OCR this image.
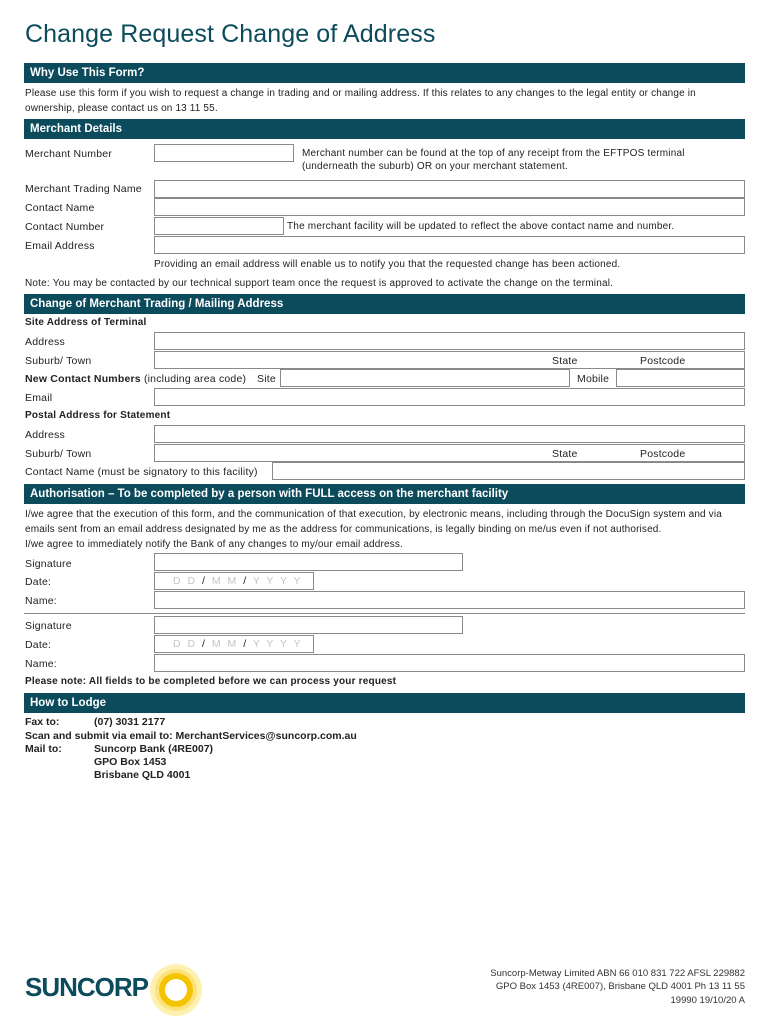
Change Request Change of Address
Why Use This Form?
Please use this form if you wish to request a change in trading and or mailing address. If this relates to any changes to the legal entity or change in ownership, please contact us on 13 11 55.
Merchant Details
Merchant Number	Merchant number can be found at the top of any receipt from the EFTPOS terminal
(underneath the suburb) OR on your merchant statement.
Merchant Trading Name
Contact Name
Contact Number	The merchant facility will be updated to reflect the above contact name and number.
Email Address
Providing an email address will enable us to notify you that the requested change has been actioned.
Note: You may be contacted by our technical support team once the request is approved to activate the change on the terminal.
Change of Merchant Trading / Mailing Address
Site Address of Terminal
Address
Suburb/ Town	State	Postcode
New Contact Numbers (including area code) Site	Mobile
Email
Postal Address for Statement
Address
Suburb/ Town	State	Postcode
Contact Name (must be signatory to this facility)
Authorisation – To be completed by a person with FULL access on the merchant facility
I/we agree that the execution of this form, and the communication of that execution, by electronic means, including through the DocuSign system and via emails sent from an email address designated by me as the address for communications, is legally binding on me/us even if not authorised.
I/we agree to immediately notify the Bank of any changes to my/our email address.
Signature
Date:	D D / M M / Y Y Y Y
Name:
Signature
Date:	D D / M M / Y Y Y Y
Name:
Please note: All fields to be completed before we can process your request
How to Lodge
Fax to:	(07) 3031 2177
Scan and submit via email to: MerchantServices@suncorp.com.au
Mail to:	Suncorp Bank (4RE007)
GPO Box 1453
Brisbane QLD 4001
SUNCORP	Suncorp-Metway Limited ABN 66 010 831 722 AFSL 229882
GPO Box 1453 (4RE007), Brisbane QLD 4001 Ph 13 11 55
19990 19/10/20 A
